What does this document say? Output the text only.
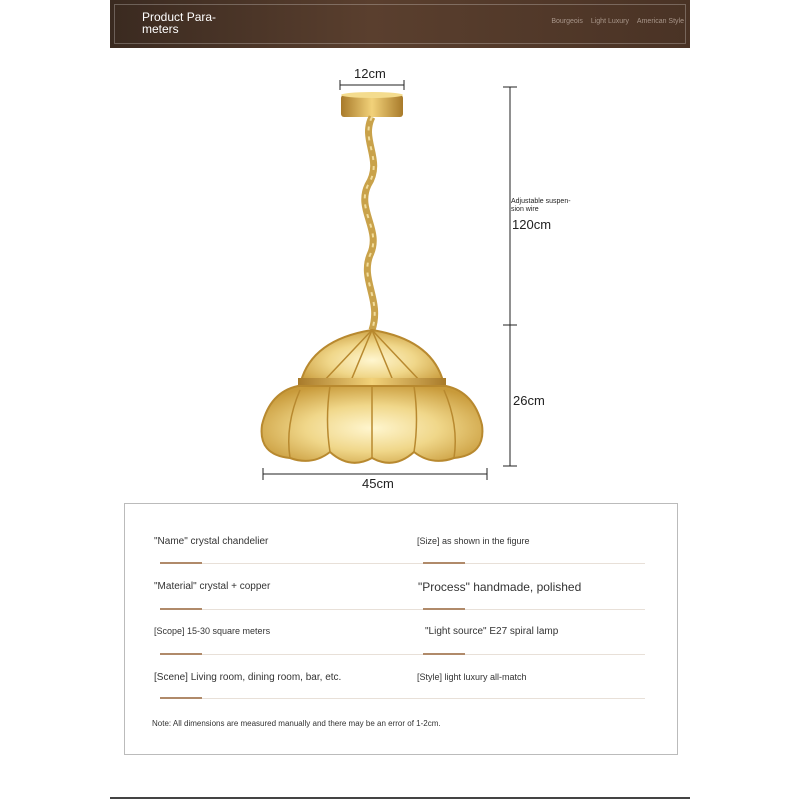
Product Para-
meters
Bourgeois Light Luxury American Style
12cm
Adjustable suspen-
sion wire
120cm
26cm
45cm
"Name" crystal chandelier	[Size] as shown in the figure
"Material" crystal + copper	"Process" handmade, polished
[Scope] 15-30 square meters	"Light source" E27 spiral lamp
[Scene] Living room, dining room, bar, etc.	[Style] light luxury all-match
Note: All dimensions are measured manually and there may be an error of 1-2cm.
